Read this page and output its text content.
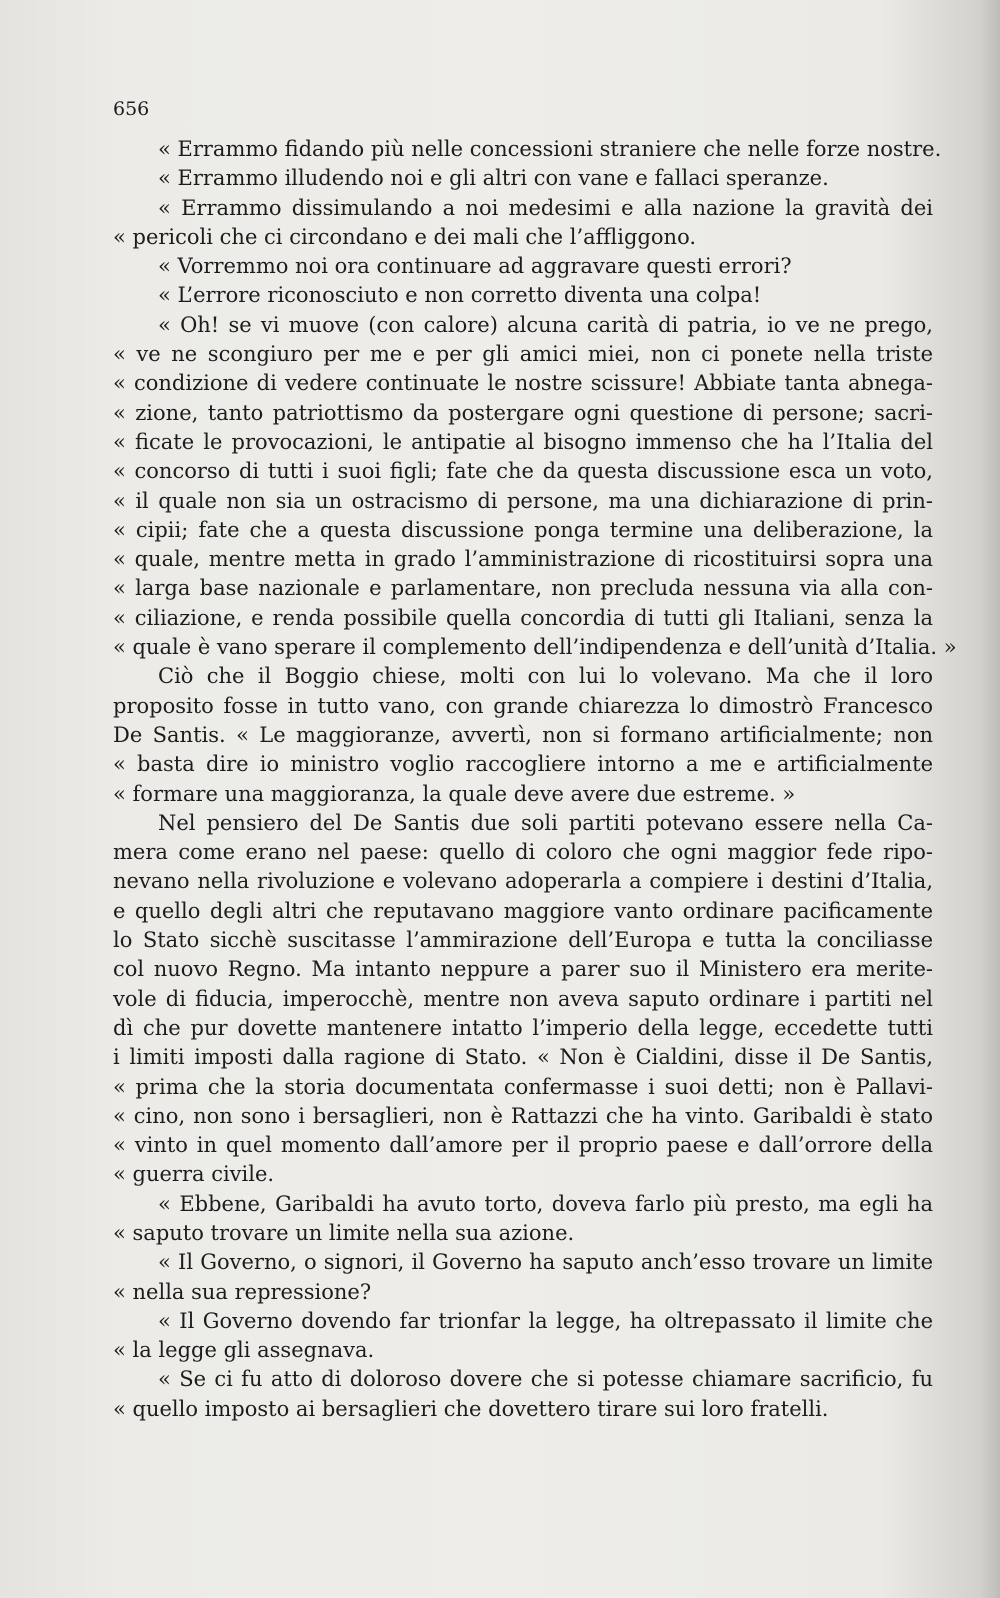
656
« Errammo fidando più nelle concessioni straniere che nelle forze nostre.
« Errammo illudendo noi e gli altri con vane e fallaci speranze.
« Errammo dissimulando a noi medesimi e alla nazione la gravità dei
« pericoli che ci circondano e dei mali che l’affliggono.
« Vorremmo noi ora continuare ad aggravare questi errori?
« L’errore riconosciuto e non corretto diventa una colpa!
« Oh! se vi muove (con calore) alcuna carità di patria, io ve ne prego,
« ve ne scongiuro per me e per gli amici miei, non ci ponete nella triste
« condizione di vedere continuate le nostre scissure! Abbiate tanta abnega-
« zione, tanto patriottismo da postergare ogni questione di persone; sacri-
« ficate le provocazioni, le antipatie al bisogno immenso che ha l’Italia del
« concorso di tutti i suoi figli; fate che da questa discussione esca un voto,
« il quale non sia un ostracismo di persone, ma una dichiarazione di prin-
« cipii; fate che a questa discussione ponga termine una deliberazione, la
« quale, mentre metta in grado l’amministrazione di ricostituirsi sopra una
« larga base nazionale e parlamentare, non precluda nessuna via alla con-
« ciliazione, e renda possibile quella concordia di tutti gli Italiani, senza la
« quale è vano sperare il complemento dell’indipendenza e dell’unità d’Italia. »
Ciò che il Boggio chiese, molti con lui lo volevano. Ma che il loro
proposito fosse in tutto vano, con grande chiarezza lo dimostrò Francesco
De Santis. « Le maggioranze, avvertì, non si formano artificialmente; non
« basta dire io ministro voglio raccogliere intorno a me e artificialmente
« formare una maggioranza, la quale deve avere due estreme. »
Nel pensiero del De Santis due soli partiti potevano essere nella Ca-
mera come erano nel paese: quello di coloro che ogni maggior fede ripo-
nevano nella rivoluzione e volevano adoperarla a compiere i destini d’Italia,
e quello degli altri che reputavano maggiore vanto ordinare pacificamente
lo Stato sicchè suscitasse l’ammirazione dell’Europa e tutta la conciliasse
col nuovo Regno. Ma intanto neppure a parer suo il Ministero era merite-
vole di fiducia, imperocchè, mentre non aveva saputo ordinare i partiti nel
dì che pur dovette mantenere intatto l’imperio della legge, eccedette tutti
i limiti imposti dalla ragione di Stato. « Non è Cialdini, disse il De Santis,
« prima che la storia documentata confermasse i suoi detti; non è Pallavi-
« cino, non sono i bersaglieri, non è Rattazzi che ha vinto. Garibaldi è stato
« vinto in quel momento dall’amore per il proprio paese e dall’orrore della
« guerra civile.
« Ebbene, Garibaldi ha avuto torto, doveva farlo più presto, ma egli ha
« saputo trovare un limite nella sua azione.
« Il Governo, o signori, il Governo ha saputo anch’esso trovare un limite
« nella sua repressione?
« Il Governo dovendo far trionfar la legge, ha oltrepassato il limite che
« la legge gli assegnava.
« Se ci fu atto di doloroso dovere che si potesse chiamare sacrificio, fu
« quello imposto ai bersaglieri che dovettero tirare sui loro fratelli.
